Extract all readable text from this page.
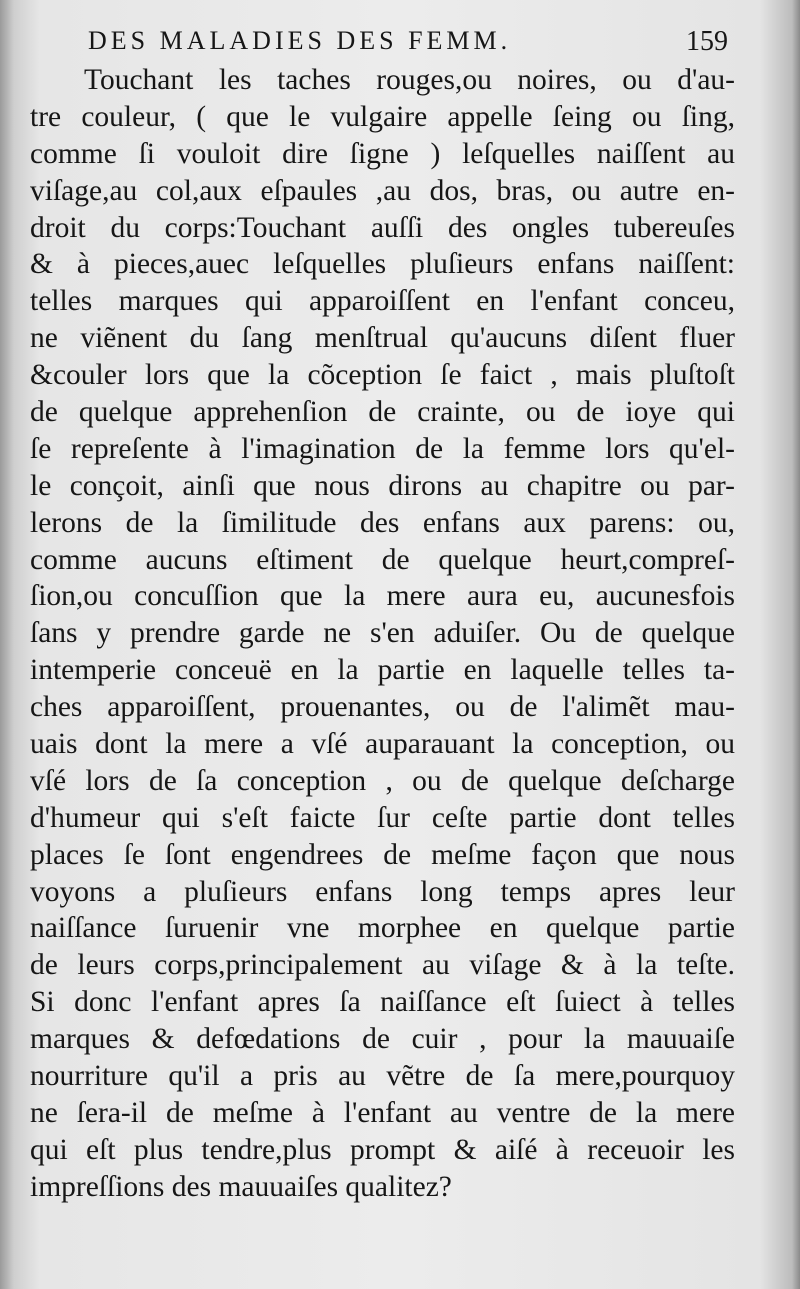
DES MALADIES DES FEMM.	159
Touchant les taches rouges,ou noires, ou d'au-
tre couleur, ( que le vulgaire appelle ſeing ou ſing,
comme ſi vouloit dire ſigne ) leſquelles naiſſent au
viſage,au col,aux eſpaules ,au dos, bras, ou autre en-
droit du corps:Touchant auſſi des ongles tubereuſes
& à pieces,auec leſquelles pluſieurs enfans naiſſent:
telles marques qui apparoiſſent en l'enfant conceu,
ne viẽnent du ſang menſtrual qu'aucuns diſent fluer
&couler lors que la cõception ſe faict , mais pluſtoſt
de quelque apprehenſion de crainte, ou de ioye qui
ſe repreſente à l'imagination de la femme lors qu'el-
le conçoit, ainſi que nous dirons au chapitre ou par-
lerons de la ſimilitude des enfans aux parens: ou,
comme aucuns eſtiment de quelque heurt,compreſ-
ſion,ou concuſſion que la mere aura eu, aucunesfois
ſans y prendre garde ne s'en aduiſer. Ou de quelque
intemperie conceuë en la partie en laquelle telles ta-
ches apparoiſſent, prouenantes, ou de l'alimẽt mau-
uais dont la mere a vſé auparauant la conception, ou
vſé lors de ſa conception , ou de quelque deſcharge
d'humeur qui s'eſt faicte ſur ceſte partie dont telles
places ſe ſont engendrees de meſme façon que nous
voyons a pluſieurs enfans long temps apres leur
naiſſance ſuruenir vne morphee en quelque partie
de leurs corps,principalement au viſage & à la teſte.
Si donc l'enfant apres ſa naiſſance eſt ſuiect à telles
marques & defœdations de cuir , pour la mauuaiſe
nourriture qu'il a pris au vẽtre de ſa mere,pourquoy
ne ſera-il de meſme à l'enfant au ventre de la mere
qui eſt plus tendre,plus prompt & aiſé à receuoir les
impreſſions des mauuaiſes qualitez?
